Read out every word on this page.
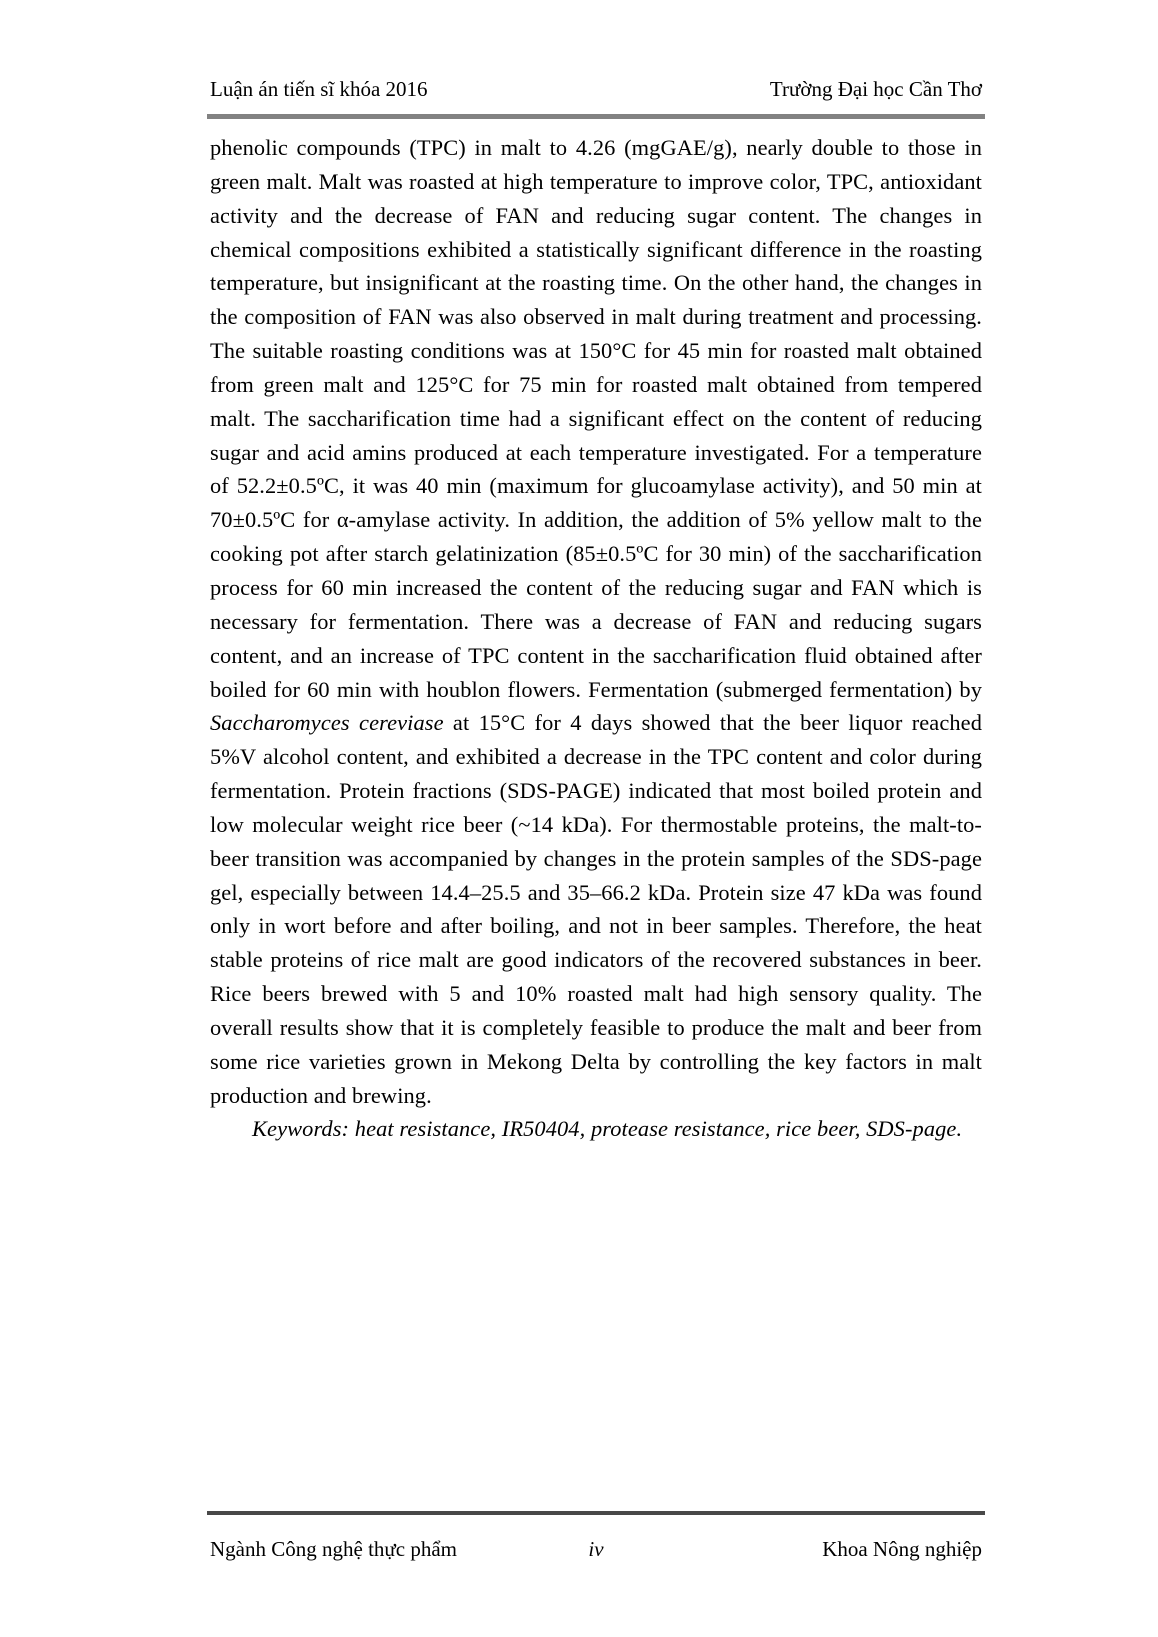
Luận án tiến sĩ khóa 2016	Trường Đại học Cần Thơ

phenolic compounds (TPC) in malt to 4.26 (mgGAE/g), nearly double to those in green malt. Malt was roasted at high temperature to improve color, TPC, antioxidant activity and the decrease of FAN and reducing sugar content. The changes in chemical compositions exhibited a statistically significant difference in the roasting temperature, but insignificant at the roasting time. On the other hand, the changes in the composition of FAN was also observed in malt during treatment and processing. The suitable roasting conditions was at 150°C for 45 min for roasted malt obtained from green malt and 125°C for 75 min for roasted malt obtained from tempered malt. The saccharification time had a significant effect on the content of reducing sugar and acid amins produced at each temperature investigated. For a temperature of 52.2±0.5ºC, it was 40 min (maximum for glucoamylase activity), and 50 min at 70±0.5ºC for α-amylase activity. In addition, the addition of 5% yellow malt to the cooking pot after starch gelatinization (85±0.5ºC for 30 min) of the saccharification process for 60 min increased the content of the reducing sugar and FAN which is necessary for fermentation. There was a decrease of FAN and reducing sugars content, and an increase of TPC content in the saccharification fluid obtained after boiled for 60 min with houblon flowers. Fermentation (submerged fermentation) by Saccharomyces cereviase at 15°C for 4 days showed that the beer liquor reached 5%V alcohol content, and exhibited a decrease in the TPC content and color during fermentation. Protein fractions (SDS-PAGE) indicated that most boiled protein and low molecular weight rice beer (~14 kDa). For thermostable proteins, the malt-to-beer transition was accompanied by changes in the protein samples of the SDS-page gel, especially between 14.4–25.5 and 35–66.2 kDa. Protein size 47 kDa was found only in wort before and after boiling, and not in beer samples. Therefore, the heat stable proteins of rice malt are good indicators of the recovered substances in beer. Rice beers brewed with 5 and 10% roasted malt had high sensory quality. The overall results show that it is completely feasible to produce the malt and beer from some rice varieties grown in Mekong Delta by controlling the key factors in malt production and brewing.

Keywords: heat resistance, IR50404, protease resistance, rice beer, SDS-page.

Ngành Công nghệ thực phẩm	iv	Khoa Nông nghiệp
